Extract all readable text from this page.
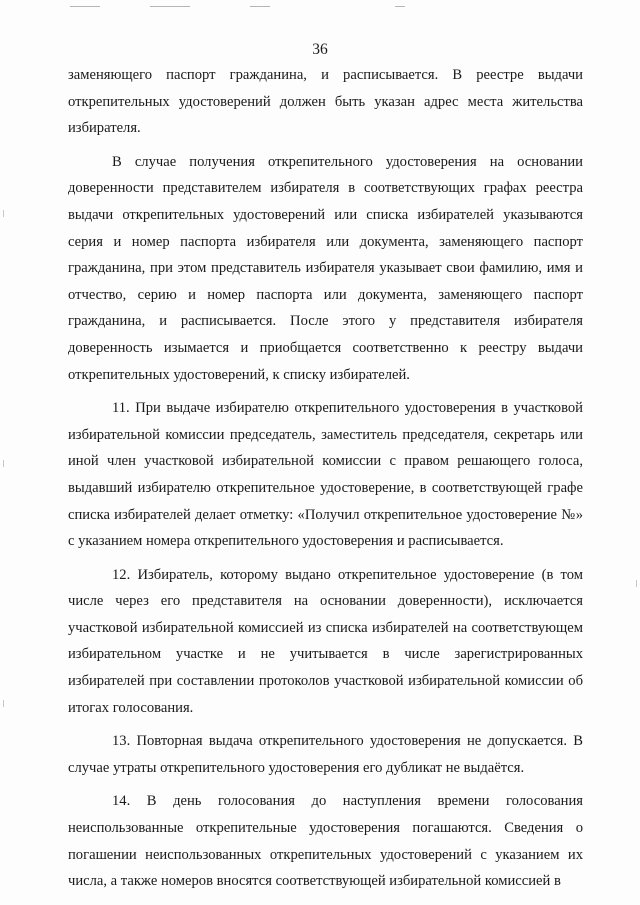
36

заменяющего паспорт гражданина, и расписывается. В реестре выдачи открепительных удостоверений должен быть указан адрес места жительства избирателя.

В случае получения открепительного удостоверения на основании доверенности представителем избирателя в соответствующих графах реестра выдачи открепительных удостоверений или списка избирателей указываются серия и номер паспорта избирателя или документа, заменяющего паспорт гражданина, при этом представитель избирателя указывает свои фамилию, имя и отчество, серию и номер паспорта или документа, заменяющего паспорт гражданина, и расписывается. После этого у представителя избирателя доверенность изымается и приобщается соответственно к реестру выдачи открепительных удостоверений, к списку избирателей.

11. При выдаче избирателю открепительного удостоверения в участковой избирательной комиссии председатель, заместитель председателя, секретарь или иной член участковой избирательной комиссии с правом решающего голоса, выдавший избирателю открепительное удостоверение, в соответствующей графе списка избирателей делает отметку: «Получил открепительное удостоверение №» с указанием номера открепительного удостоверения и расписывается.

12. Избиратель, которому выдано открепительное удостоверение (в том числе через его представителя на основании доверенности), исключается участковой избирательной комиссией из списка избирателей на соответствующем избирательном участке и не учитывается в числе зарегистрированных избирателей при составлении протоколов участковой избирательной комиссии об итогах голосования.

13. Повторная выдача открепительного удостоверения не допускается. В случае утраты открепительного удостоверения его дубликат не выдаётся.

14. В день голосования до наступления времени голосования неиспользованные открепительные удостоверения погашаются. Сведения о погашении неиспользованных открепительных удостоверений с указанием их числа, а также номеров вносятся соответствующей избирательной комиссией в
